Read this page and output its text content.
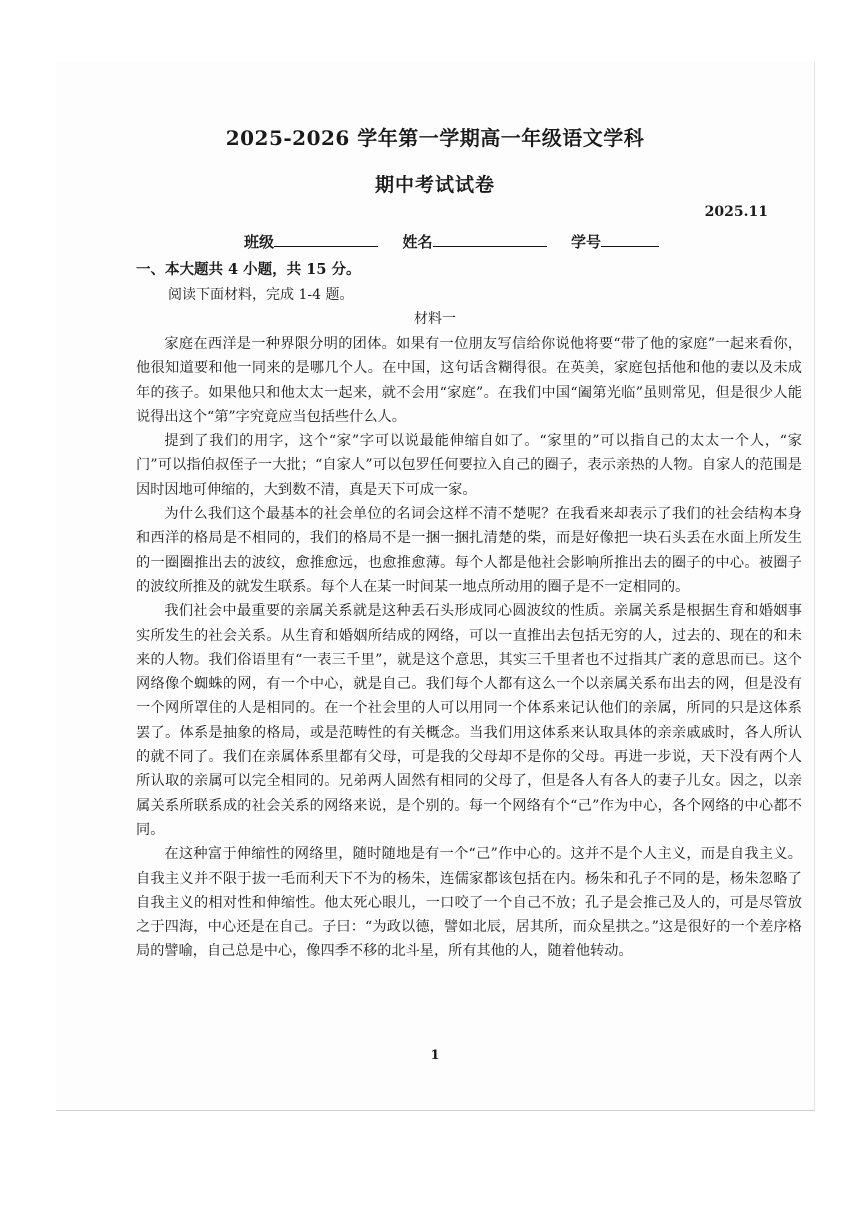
2025-2026 学年第一学期高一年级语文学科
期中考试试卷
2025.11
班级	姓名	学号
一、本大题共 4 小题，共 15 分。
阅读下面材料，完成 1-4 题。
材料一

家庭在西洋是一种界限分明的团体。如果有一位朋友写信给你说他将要“带了他的家庭”一起来看你，他很知道要和他一同来的是哪几个人。在中国，这句话含糊得很。在英美，家庭包括他和他的妻以及未成年的孩子。如果他只和他太太一起来，就不会用“家庭”。在我们中国“阖第光临”虽则常见，但是很少人能说得出这个“第”字究竟应当包括些什么人。

提到了我们的用字，这个“家”字可以说最能伸缩自如了。“家里的”可以指自己的太太一个人，“家门”可以指伯叔侄子一大批；“自家人”可以包罗任何要拉入自己的圈子，表示亲热的人物。自家人的范围是因时因地可伸缩的，大到数不清，真是天下可成一家。

为什么我们这个最基本的社会单位的名词会这样不清不楚呢？在我看来却表示了我们的社会结构本身和西洋的格局是不相同的，我们的格局不是一捆一捆扎清楚的柴，而是好像把一块石头丢在水面上所发生的一圈圈推出去的波纹，愈推愈远，也愈推愈薄。每个人都是他社会影响所推出去的圈子的中心。被圈子的波纹所推及的就发生联系。每个人在某一时间某一地点所动用的圈子是不一定相同的。

我们社会中最重要的亲属关系就是这种丢石头形成同心圆波纹的性质。亲属关系是根据生育和婚姻事实所发生的社会关系。从生育和婚姻所结成的网络，可以一直推出去包括无穷的人，过去的、现在的和未来的人物。我们俗语里有“一表三千里”，就是这个意思，其实三千里者也不过指其广袤的意思而已。这个网络像个蜘蛛的网，有一个中心，就是自己。我们每个人都有这么一个以亲属关系布出去的网，但是没有一个网所罩住的人是相同的。在一个社会里的人可以用同一个体系来记认他们的亲属，所同的只是这体系罢了。体系是抽象的格局，或是范畴性的有关概念。当我们用这体系来认取具体的亲亲戚戚时，各人所认的就不同了。我们在亲属体系里都有父母，可是我的父母却不是你的父母。再进一步说，天下没有两个人所认取的亲属可以完全相同的。兄弟两人固然有相同的父母了，但是各人有各人的妻子儿女。因之，以亲属关系所联系成的社会关系的网络来说，是个别的。每一个网络有个“己”作为中心，各个网络的中心都不同。

在这种富于伸缩性的网络里，随时随地是有一个“己”作中心的。这并不是个人主义，而是自我主义。自我主义并不限于拔一毛而利天下不为的杨朱，连儒家都该包括在内。杨朱和孔子不同的是，杨朱忽略了自我主义的相对性和伸缩性。他太死心眼儿，一口咬了一个自己不放；孔子是会推己及人的，可是尽管放之于四海，中心还是在自己。子曰：“为政以德，譬如北辰，居其所，而众星拱之。”这是很好的一个差序格局的譬喻，自己总是中心，像四季不移的北斗星，所有其他的人，随着他转动。

1
